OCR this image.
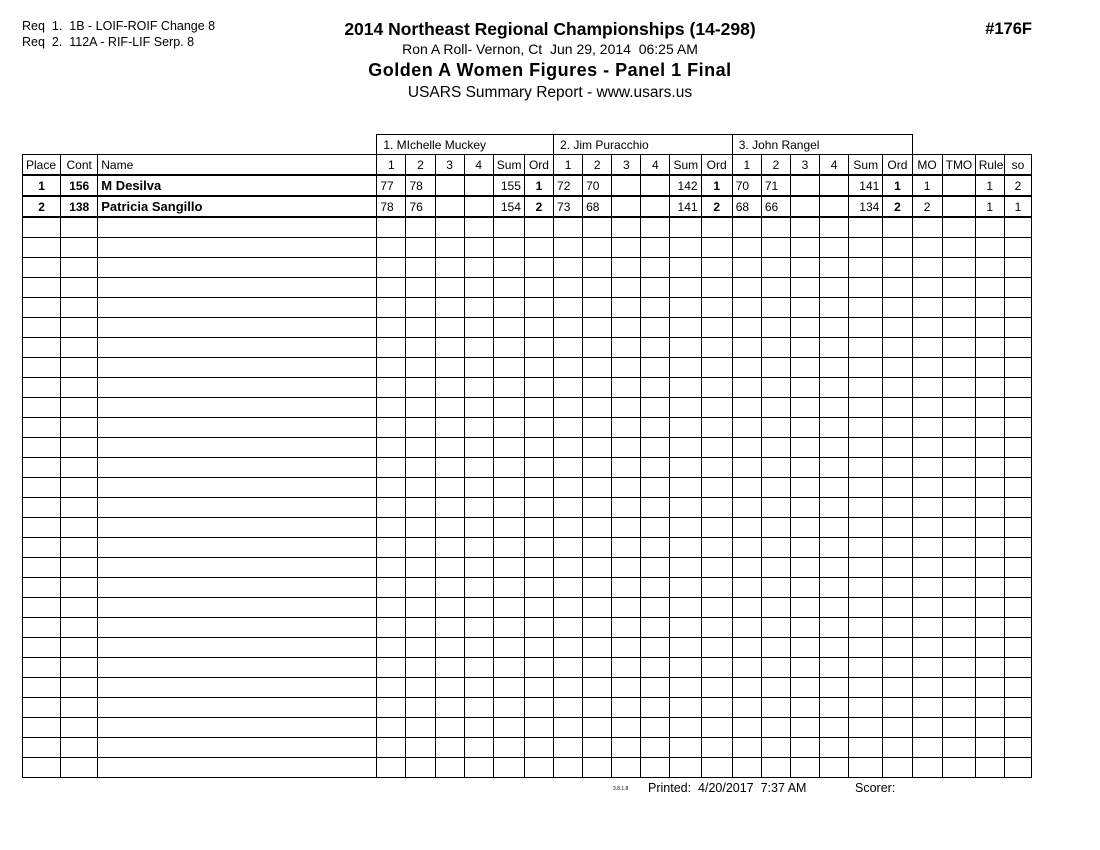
Req  1.  1B - LOIF-ROIF Change 8
Req  2.  112A - RIF-LIF Serp. 8
2014 Northeast Regional Championships (14-298)
Ron A Roll- Vernon, Ct  Jun 29, 2014  06:25 AM
Golden A Women Figures - Panel 1 Final
USARS Summary Report - www.usars.us
#176F
			1. MIchelle Muckey						2. Jim Puracchio						3. John Rangel									
Place	Cont	Name	1	2	3	4	Sum	Ord	1	2	3	4	Sum	Ord	1	2	3	4	Sum	Ord	MO	TMO	Rule	so
1	156	M Desilva	77	78			155	1	72	70			142	1	70	71			141	1	1		1	2
2	138	Patricia Sangillo	78	76			154	2	73	68			141	2	68	66			134	2	2		1	1

3.8.1.8 Printed:  4/20/2017  7:37 AM	Scorer:
